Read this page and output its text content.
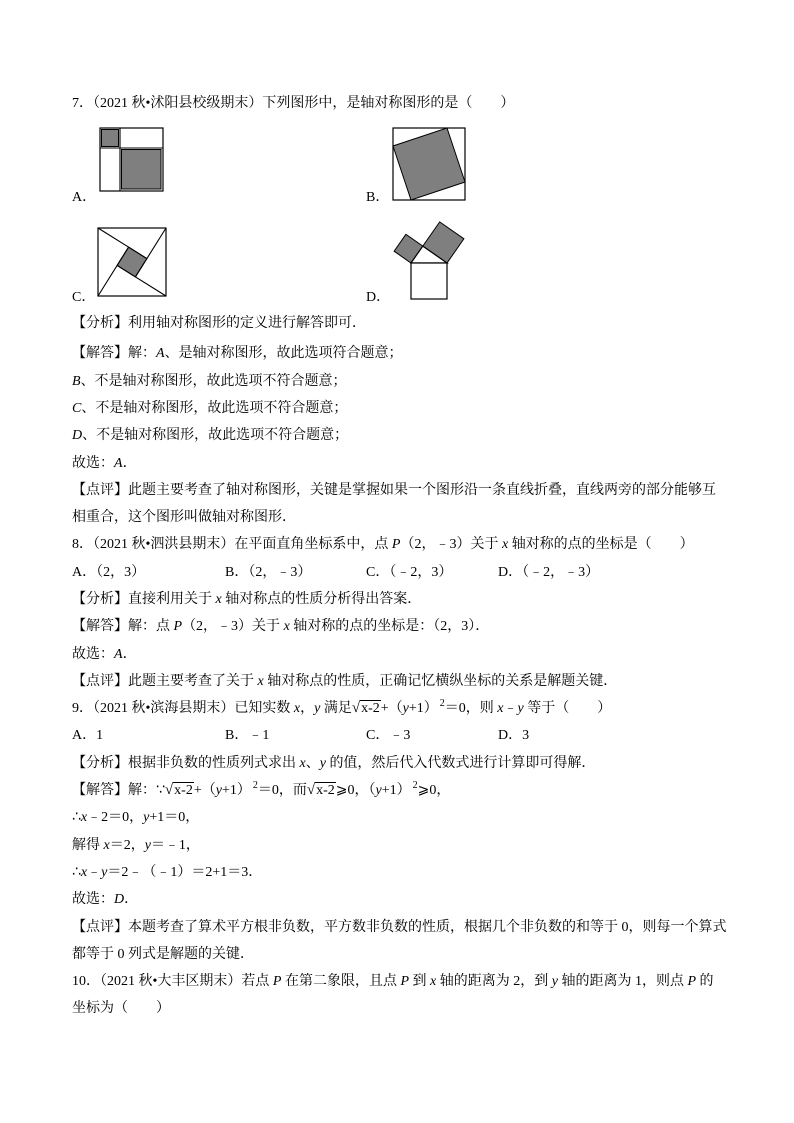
7．（2021 秋•沭阳县校级期末）下列图形中，是轴对称图形的是（　　）
A．	B．
C．	D．
【分析】利用轴对称图形的定义进行解答即可．
【解答】解：A、是轴对称图形，故此选项符合题意；
B、不是轴对称图形，故此选项不符合题意；
C、不是轴对称图形，故此选项不符合题意；
D、不是轴对称图形，故此选项不符合题意；
故选：A．
【点评】此题主要考查了轴对称图形，关键是掌握如果一个图形沿一条直线折叠，直线两旁的部分能够互
相重合，这个图形叫做轴对称图形．
8．（2021 秋•泗洪县期末）在平面直角坐标系中，点 P（2，﹣3）关于 x 轴对称的点的坐标是（　　）
A．（2，3）	B．（2，﹣3）	C．（﹣2，3）	D．（﹣2，﹣3）
【分析】直接利用关于 x 轴对称点的性质分析得出答案．
【解答】解：点 P（2，﹣3）关于 x 轴对称的点的坐标是：（2，3）．
故选：A．
【点评】此题主要考查了关于 x 轴对称点的性质，正确记忆横纵坐标的关系是解题关键．
9．（2021 秋•滨海县期末）已知实数 x，y 满足√x-2+（y+1） $^2$＝0，则 x﹣y 等于（　　）
A．1	B．﹣1	C．﹣3	D．3
【分析】根据非负数的性质列式求出 x、y 的值，然后代入代数式进行计算即可得解．
【解答】解：∵√x-2+（y+1） $^2$＝0，而√x-2⩾0，（y+1） $^2$⩾0，
∴x﹣2＝0，y+1＝0，
解得 x＝2，y＝﹣1，
∴x﹣y＝2﹣（﹣1）＝2+1＝3．
故选：D．
【点评】本题考查了算术平方根非负数，平方数非负数的性质，根据几个非负数的和等于 0，则每一个算式
都等于 0 列式是解题的关键．
10．（2021 秋•大丰区期末）若点 P 在第二象限，且点 P 到 x 轴的距离为 2，到 y 轴的距离为 1，则点 P 的
坐标为（　　）
